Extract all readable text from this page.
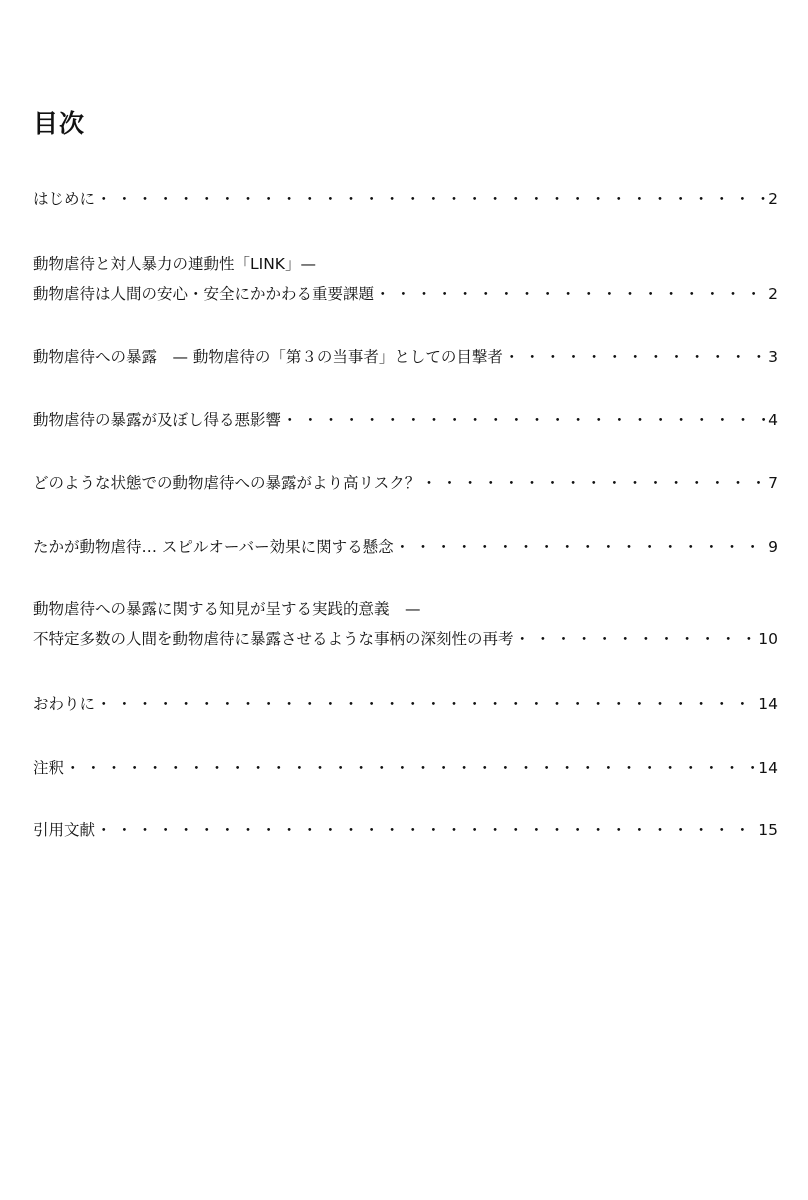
目次
はじめに ・・・・・・・・・・・・・・・・・・・・・・・・・・・・・・・・・・・・・・・・・・・・・・・・・・・・・・・・・・・・・・	2
動物虐待と対人暴力の連動性「LINK」—
動物虐待は人間の安心・安全にかかわる重要課題 ・・・・・・・・・・・・・・・・・・・・・・・・・・・・・・・・・・・・・・・・・・・・・・・・・・・・・・・・・・・・・・	2
動物虐待への暴露　— 動物虐待の「第３の当事者」としての目撃者 ・・・・・・・・・・・・・・・・・・・・・・・・・・・・・・・・・・・・・・・・・・・・・・・・・・・・・・・・・・・・・・	3
動物虐待の暴露が及ぼし得る悪影響 ・・・・・・・・・・・・・・・・・・・・・・・・・・・・・・・・・・・・・・・・・・・・・・・・・・・・・・・・・・・・・・	4
どのような状態での動物虐待への暴露がより高リスク？ ・・・・・・・・・・・・・・・・・・・・・・・・・・・・・・・・・・・・・・・・・・・・・・・・・・・・・・・・・・・・・・	7
たかが動物虐待… スピルオーバー効果に関する懸念 ・・・・・・・・・・・・・・・・・・・・・・・・・・・・・・・・・・・・・・・・・・・・・・・・・・・・・・・・・・・・・・	9
動物虐待への暴露に関する知見が呈する実践的意義　—
不特定多数の人間を動物虐待に暴露させるような事柄の深刻性の再考 ・・・・・・・・・・・・・・・・・・・・・・・・・・・・・・・・・・・・・・・・・・・・・・・・・・・・・・・・・・・・・・	10
おわりに ・・・・・・・・・・・・・・・・・・・・・・・・・・・・・・・・・・・・・・・・・・・・・・・・・・・・・・・・・・・・・・	14
注釈 ・・・・・・・・・・・・・・・・・・・・・・・・・・・・・・・・・・・・・・・・・・・・・・・・・・・・・・・・・・・・・・	14
引用文献 ・・・・・・・・・・・・・・・・・・・・・・・・・・・・・・・・・・・・・・・・・・・・・・・・・・・・・・・・・・・・・・	15
